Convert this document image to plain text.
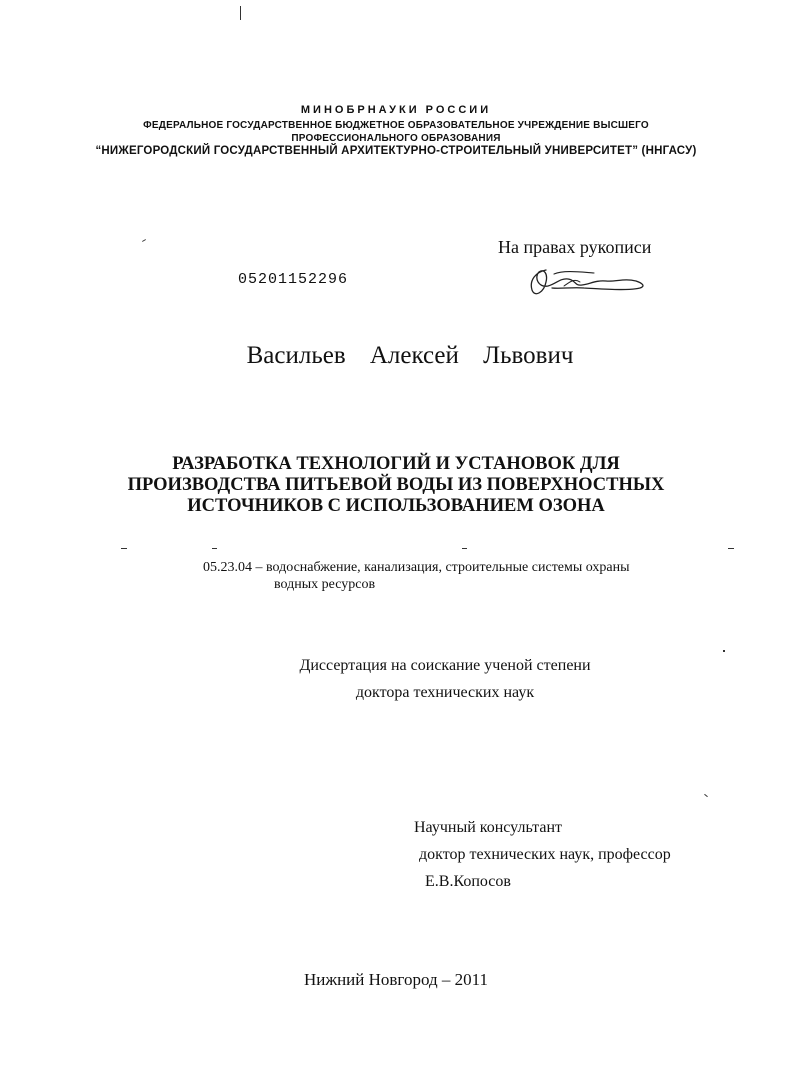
МИНОБРНАУКИ РОССИИ
ФЕДЕРАЛЬНОЕ ГОСУДАРСТВЕННОЕ БЮДЖЕТНОЕ ОБРАЗОВАТЕЛЬНОЕ УЧРЕЖДЕНИЕ ВЫСШЕГО
ПРОФЕССИОНАЛЬНОГО ОБРАЗОВАНИЯ
“НИЖЕГОРОДСКИЙ ГОСУДАРСТВЕННЫЙ АРХИТЕКТУРНО-СТРОИТЕЛЬНЫЙ УНИВЕРСИТЕТ” (ННГАСУ)
На правах рукописи
05201152296
Васильев Алексей Львович
РАЗРАБОТКА ТЕХНОЛОГИЙ И УСТАНОВОК ДЛЯ
ПРОИЗВОДСТВА ПИТЬЕВОЙ ВОДЫ ИЗ ПОВЕРХНОСТНЫХ
ИСТОЧНИКОВ С ИСПОЛЬЗОВАНИЕМ ОЗОНА
05.23.04 – водоснабжение, канализация, строительные системы охраны
водных ресурсов
Диссертация на соискание ученой степени
доктора технических наук
Научный консультант
доктор технических наук, профессор
Е.В.Копосов
Нижний Новгород – 2011
